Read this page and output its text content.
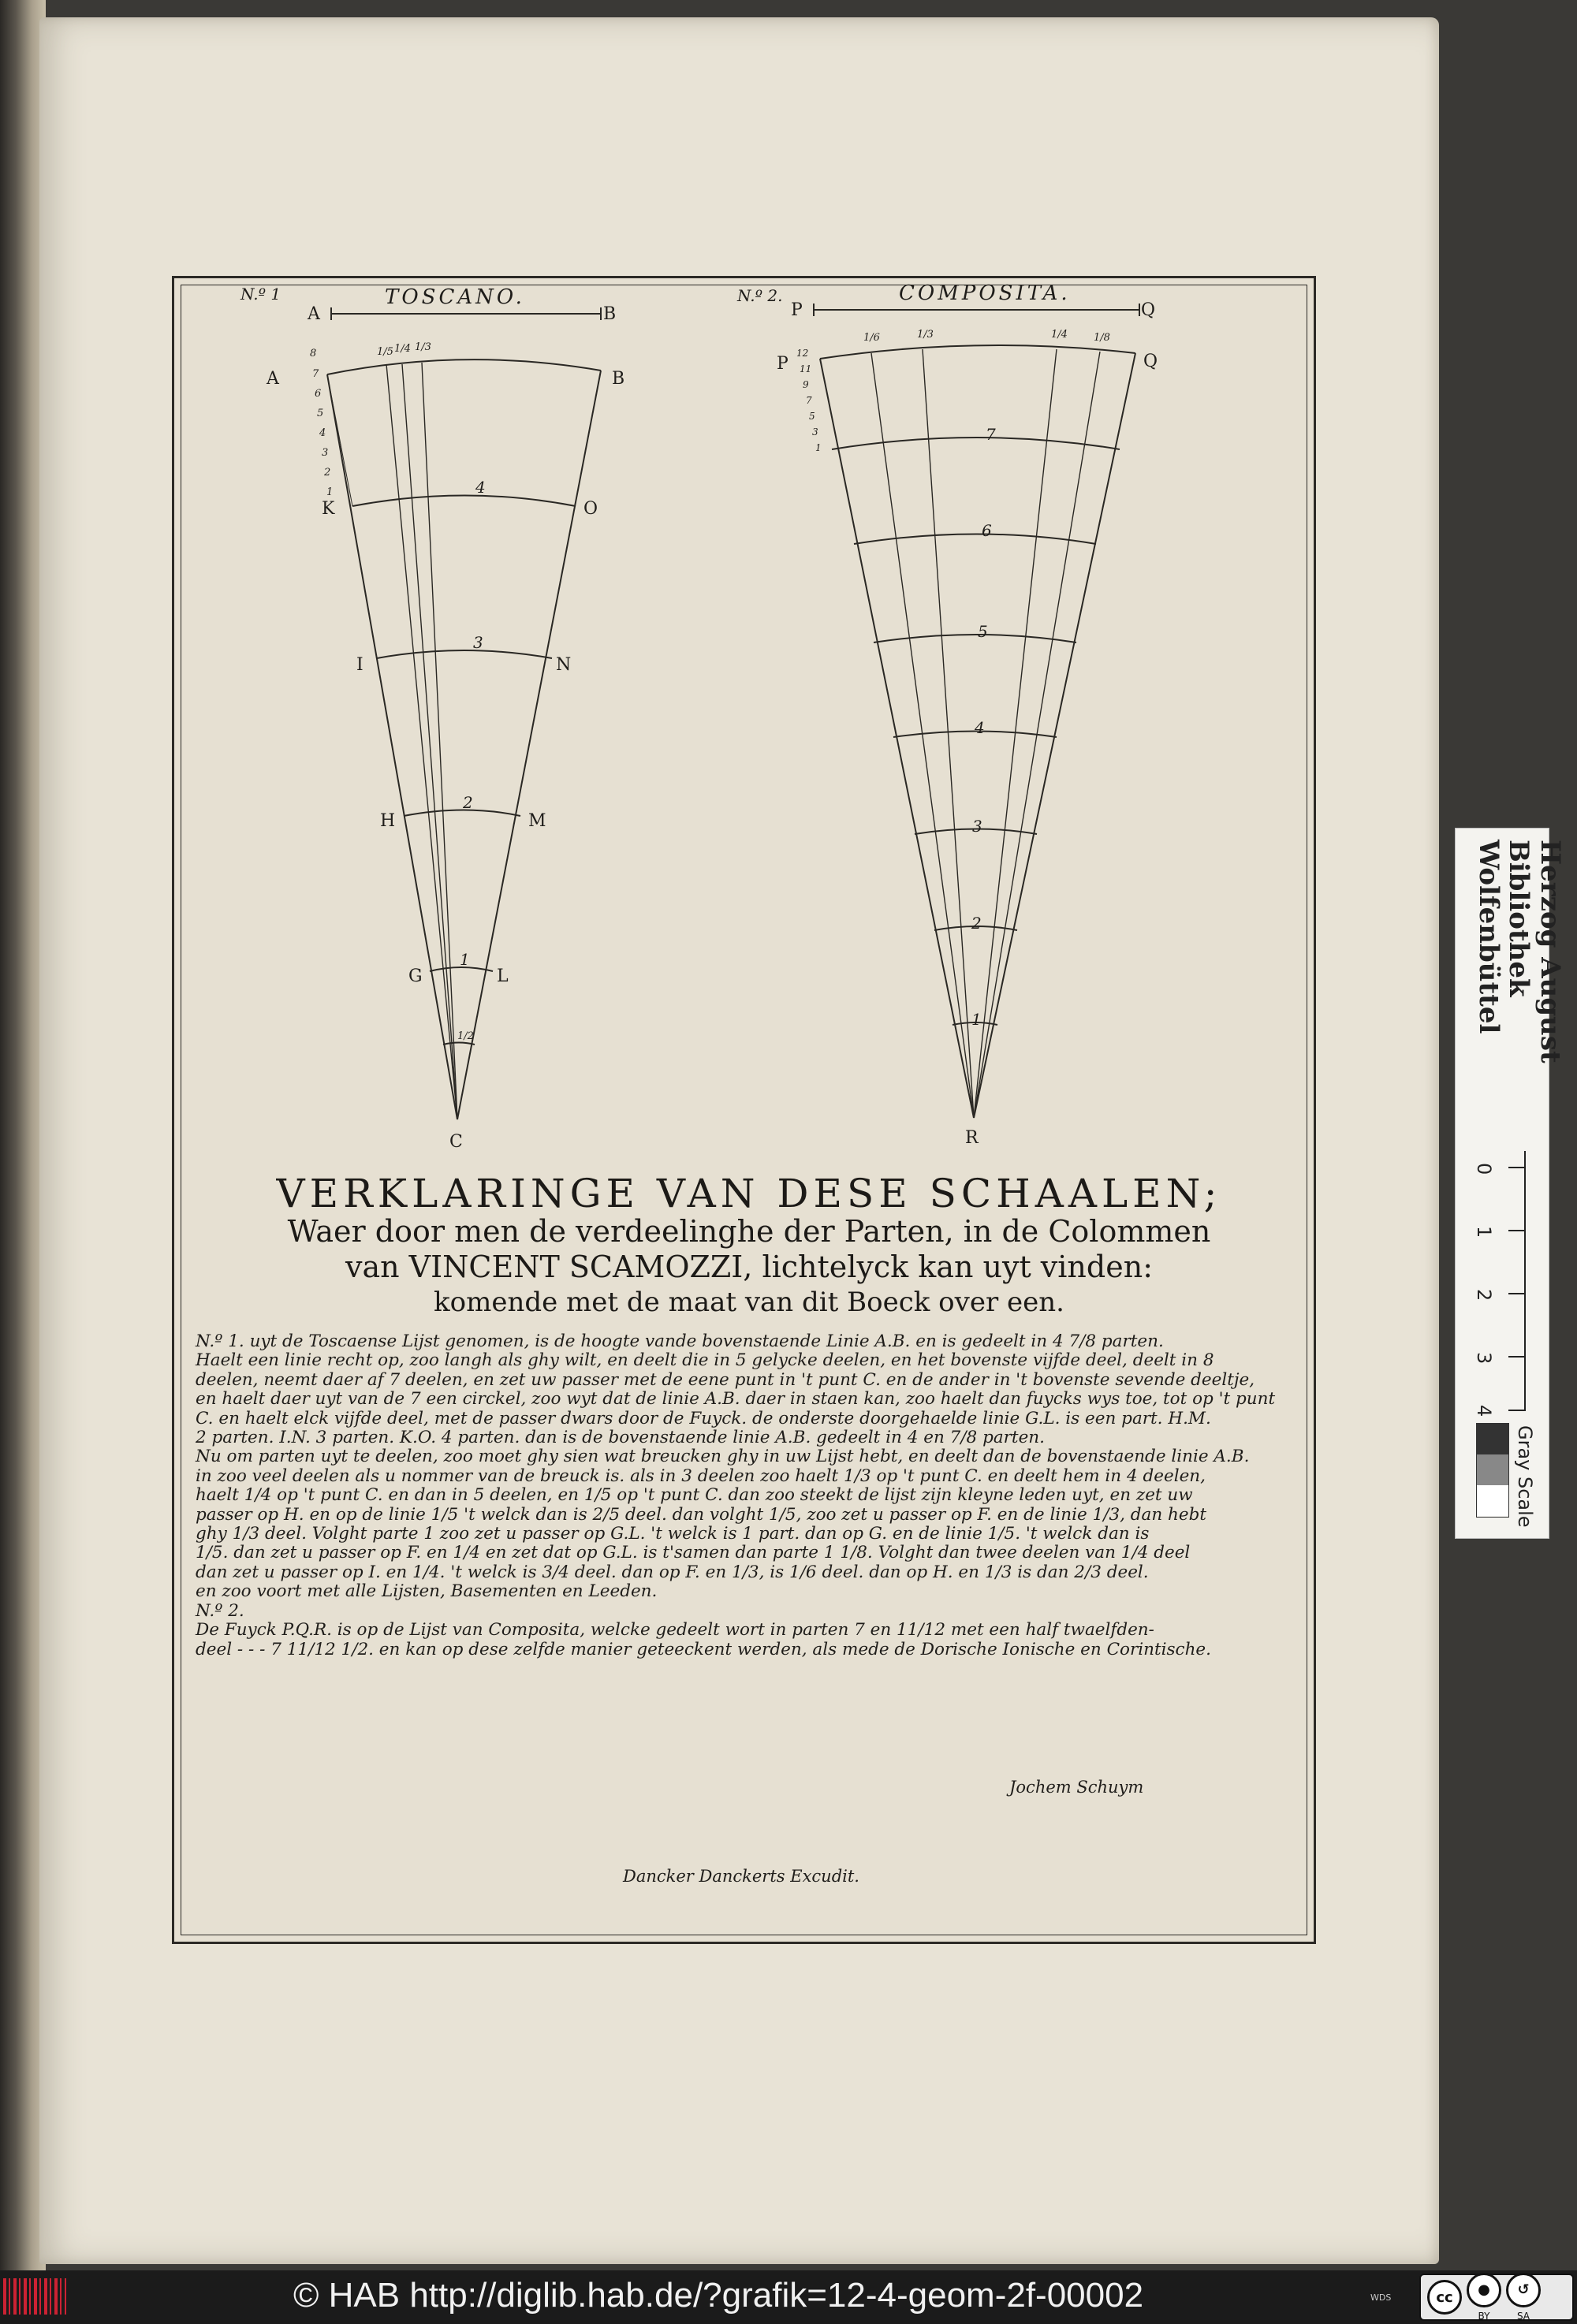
N.º 1	TOSCANO.
A	B
A	B
K	O
I	N
H	M
G	L
C
4
3
2
1
1/2
1/5 1/4 1/3
8
7
6
5
4
3
2
1
N.º 2.	COMPOSITA.
P	Q
P	Q
R
7
6
5
4
3
2
1
1/6	1/3	1/4	1/8
12
11
9
7
5
3
1
VERKLARINGE VAN DESE SCHAALEN;
Waer door men de verdeelinghe der Parten, in de Colommen
van VINCENT SCAMOZZI, lichtelyck kan uyt vinden:
komende met de maat van dit Boeck over een.

N.º 1. uyt de Toscaense Lijst genomen, is de hoogte vande bovenstaende Linie A.B. en is gedeelt in 4 7/8 parten.

Haelt een linie recht op, zoo langh als ghy wilt, en deelt die in 5 gelycke deelen, en het bovenste vijfde deel, deelt in 8

deelen, neemt daer af 7 deelen, en zet uw passer met de eene punt in 't punt C. en de ander in 't bovenste sevende deeltje,

en haelt daer uyt van de 7 een circkel, zoo wyt dat de linie A.B. daer in staen kan, zoo haelt dan fuycks wys toe, tot op 't punt

C. en haelt elck vijfde deel, met de passer dwars door de Fuyck. de onderste doorgehaelde linie G.L. is een part. H.M.

2 parten. I.N. 3 parten. K.O. 4 parten. dan is de bovenstaende linie A.B. gedeelt in 4 en 7/8 parten.

Nu om parten uyt te deelen, zoo moet ghy sien wat breucken ghy in uw Lijst hebt, en deelt dan de bovenstaende linie A.B.

in zoo veel deelen als u nommer van de breuck is. als in 3 deelen zoo haelt 1/3 op 't punt C. en deelt hem in 4 deelen,

haelt 1/4 op 't punt C. en dan in 5 deelen, en 1/5 op 't punt C. dan zoo steekt de lijst zijn kleyne leden uyt, en zet uw

passer op H. en op de linie 1/5 't welck dan is 2/5 deel. dan volght 1/5, zoo zet u passer op F. en de linie 1/3, dan hebt

ghy 1/3 deel. Volght parte 1 zoo zet u passer op G.L. 't welck is 1 part. dan op G. en de linie 1/5. 't welck dan is

1/5. dan zet u passer op F. en 1/4 en zet dat op G.L. is t'samen dan parte 1 1/8. Volght dan twee deelen van 1/4 deel

dan zet u passer op I. en 1/4. 't welck is 3/4 deel. dan op F. en 1/3, is 1/6 deel. dan op H. en 1/3 is dan 2/3 deel.

en zoo voort met alle Lijsten, Basementen en Leeden.

N.º 2.

De Fuyck P.Q.R. is op de Lijst van Composita, welcke gedeelt wort in parten 7 en 11/12 met een half twaelfden-

deel - - - 7 11/12 1/2. en kan op dese zelfde manier geteeckent werden, als mede de Dorische Ionische en Corintische.

Jochem Schuym
Dancker Danckerts Excudit.
Herzog August Bibliothek
Wolfenbüttel
0
1
2
3
4
Gray Scale
© HAB http://diglib.hab.de/?grafik=12-4-geom-2f-00002	WDS	cc	●
BY
↺
SA
